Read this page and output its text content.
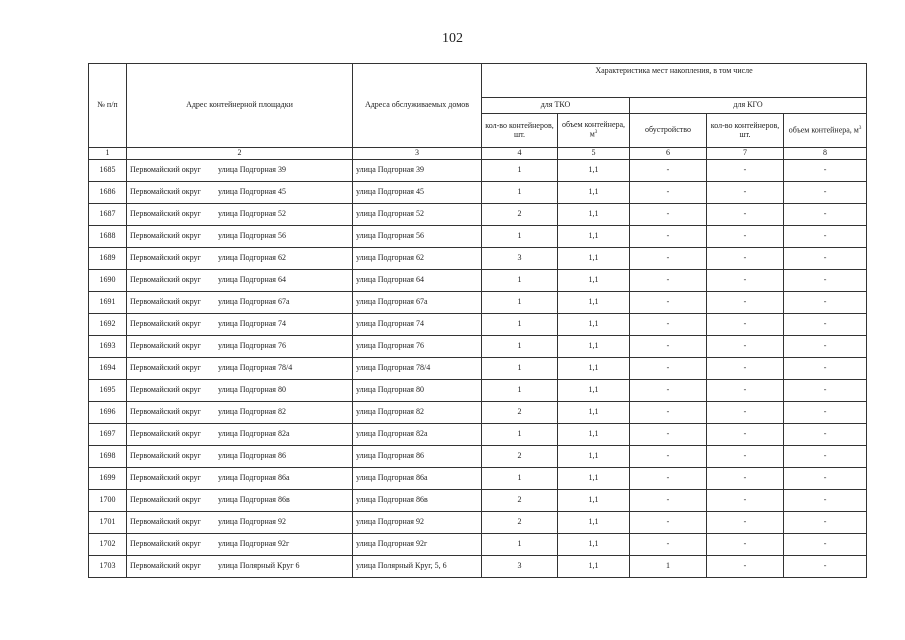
102
№ п/п	Адрес контейнерной площадки	Адреса обслуживаемых домов	Характеристика мест накопления, в том числе				
			для ТКО		для КГО		
			кол-во контейнеров, шт.	объем контейнера, $м^3$	обустройство	кол-во контейнеров, шт.	объем контейнера, $м^3$
1	2	3	4	5	6	7	8
1685	Первомайский округ улица Подгорная 39	улица Подгорная 39	1	1,1	-	-	-
1686	Первомайский округ улица Подгорная 45	улица Подгорная 45	1	1,1	-	-	-
1687	Первомайский округ улица Подгорная 52	улица Подгорная 52	2	1,1	-	-	-
1688	Первомайский округ улица Подгорная 56	улица Подгорная 56	1	1,1	-	-	-
1689	Первомайский округ улица Подгорная 62	улица Подгорная 62	3	1,1	-	-	-
1690	Первомайский округ улица Подгорная 64	улица Подгорная 64	1	1,1	-	-	-
1691	Первомайский округ улица Подгорная 67а	улица Подгорная 67а	1	1,1	-	-	-
1692	Первомайский округ улица Подгорная 74	улица Подгорная 74	1	1,1	-	-	-
1693	Первомайский округ улица Подгорная 76	улица Подгорная 76	1	1,1	-	-	-
1694	Первомайский округ улица Подгорная 78/4	улица Подгорная 78/4	1	1,1	-	-	-
1695	Первомайский округ улица Подгорная 80	улица Подгорная 80	1	1,1	-	-	-
1696	Первомайский округ улица Подгорная 82	улица Подгорная 82	2	1,1	-	-	-
1697	Первомайский округ улица Подгорная 82а	улица Подгорная 82а	1	1,1	-	-	-
1698	Первомайский округ улица Подгорная 86	улица Подгорная 86	2	1,1	-	-	-
1699	Первомайский округ улица Подгорная 86а	улица Подгорная 86а	1	1,1	-	-	-
1700	Первомайский округ улица Подгорная 86в	улица Подгорная 86в	2	1,1	-	-	-
1701	Первомайский округ улица Подгорная 92	улица Подгорная 92	2	1,1	-	-	-
1702	Первомайский округ улица Подгорная 92г	улица Подгорная 92г	1	1,1	-	-	-
1703	Первомайский округ улица Полярный Круг 6	улица Полярный Круг, 5, 6	3	1,1	1	-	-
